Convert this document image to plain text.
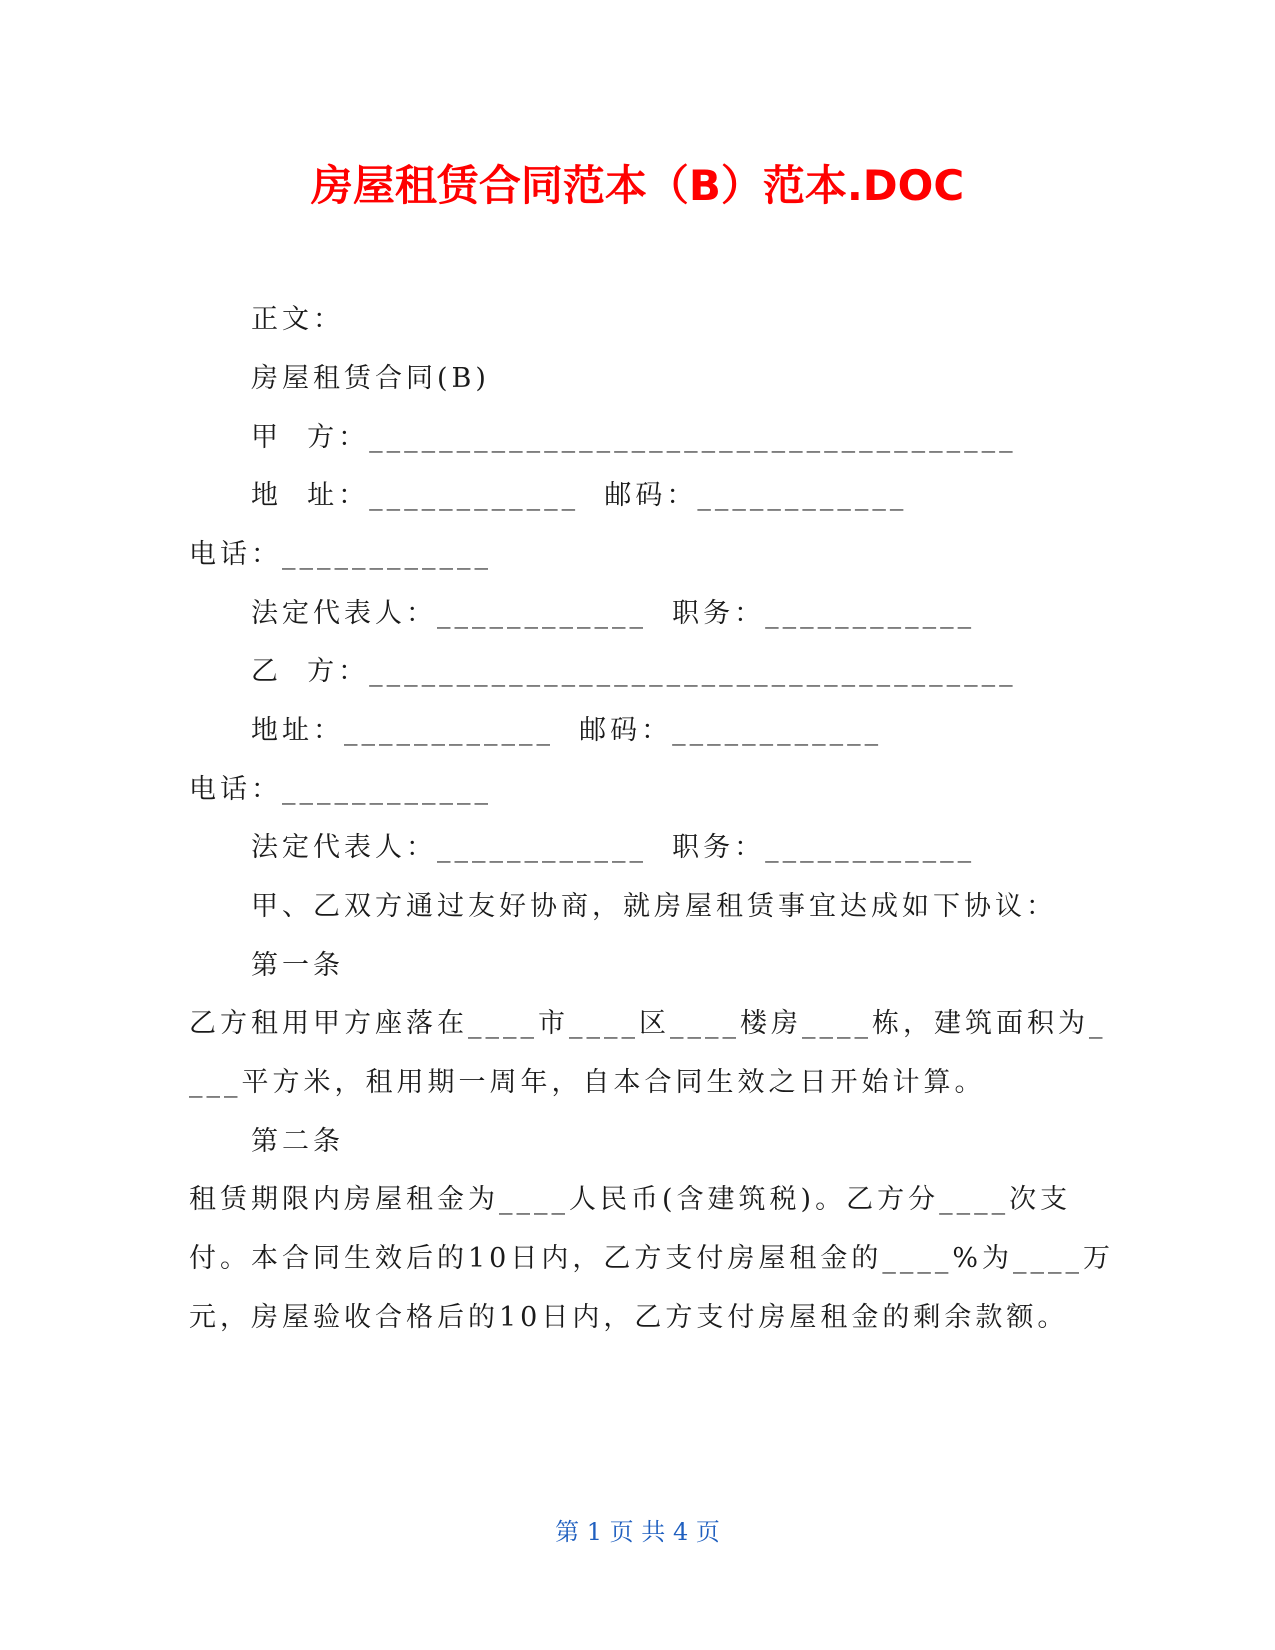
房屋租赁合同范本（B）范本.DOC
正文：
房屋租赁合同(B)
甲  方：_____________________________________
地  址：____________  邮码：____________
电话：____________
法定代表人：____________  职务：____________
乙  方：_____________________________________
地址：____________  邮码：____________
电话：____________
法定代表人：____________  职务：____________
甲、乙双方通过友好协商，就房屋租赁事宜达成如下协议：
第一条
乙方租用甲方座落在____市____区____楼房____栋，建筑面积为_
___平方米，租用期一周年，自本合同生效之日开始计算。
第二条
租赁期限内房屋租金为____人民币(含建筑税)。乙方分____次支
付。本合同生效后的10日内，乙方支付房屋租金的____%为____万
元，房屋验收合格后的10日内，乙方支付房屋租金的剩余款额。
第 1 页 共 4 页
